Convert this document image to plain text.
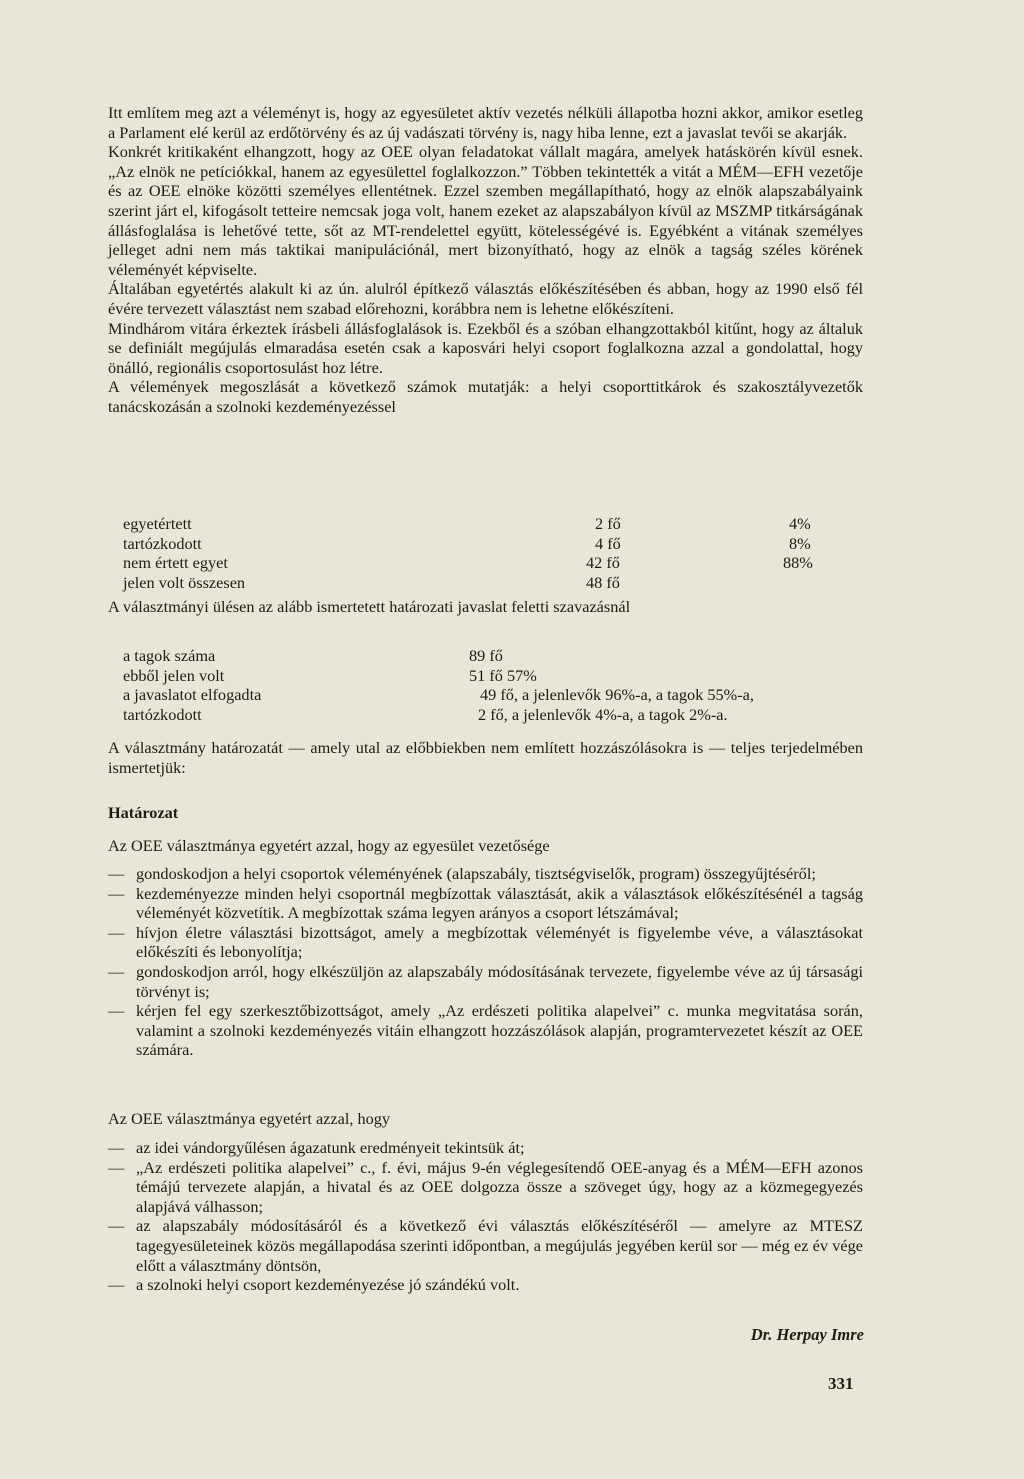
Itt említem meg azt a véleményt is, hogy az egyesületet aktív vezetés nélküli állapotba hozni akkor, amikor esetleg a Parlament elé kerül az erdőtörvény és az új vadászati törvény is, nagy hiba lenne, ezt a javaslat tevői se akarják.

Konkrét kritikaként elhangzott, hogy az OEE olyan feladatokat vállalt magára, amelyek hatáskörén kívül esnek. „Az elnök ne petíciókkal, hanem az egyesülettel foglalkozzon.” Többen tekintették a vitát a MÉM—EFH vezetője és az OEE elnöke közötti személyes ellentétnek. Ezzel szemben megállapítható, hogy az elnök alapszabályaink szerint járt el, kifogásolt tetteire nemcsak joga volt, hanem ezeket az alapszabályon kívül az MSZMP titkárságának állásfoglalása is lehetővé tette, sőt az MT-rendelettel együtt, kötelességévé is. Egyébként a vitának személyes jelleget adni nem más taktikai manipulációnál, mert bizonyítható, hogy az elnök a tagság széles körének véleményét képviselte.

Általában egyetértés alakult ki az ún. alulról építkező választás előkészítésében és abban, hogy az 1990 első fél évére tervezett választást nem szabad előrehozni, korábbra nem is lehetne előkészíteni.

Mindhárom vitára érkeztek írásbeli állásfoglalások is. Ezekből és a szóban elhangzottakból kitűnt, hogy az általuk se definiált megújulás elmaradása esetén csak a kaposvári helyi csoport foglalkozna azzal a gondolattal, hogy önálló, regionális csoportosulást hoz létre.

A vélemények megoszlását a következő számok mutatják: a helyi csoporttitkárok és szakosztályvezetők tanácskozásán a szolnoki kezdeményezéssel

egyetértett	2 fő	4%
tartózkodott	4 fő	8%
nem értett egyet	42 fő	88%
jelen volt összesen	48 fő
A választmányi ülésen az alább ismertetett határozati javaslat feletti szavazásnál
a tagok száma	89 fő
ebből jelen volt	51 fő 57%
a javaslatot elfogadta	49 fő, a jelenlevők 96%-a, a tagok 55%-a,
tartózkodott	2 fő, a jelenlevők 4%-a, a tagok 2%-a.
A választmány határozatát — amely utal az előbbiekben nem említett hozzászólásokra is — teljes terjedelmében ismertetjük:
Határozat
Az OEE választmánya egyetért azzal, hogy az egyesület vezetősége
— gondoskodjon a helyi csoportok véleményének (alapszabály, tisztségviselők, program) összegyűjtéséről;
— kezdeményezze minden helyi csoportnál megbízottak választását, akik a választások előkészítésénél a tagság véleményét közvetítik. A megbízottak száma legyen arányos a csoport létszámával;
— hívjon életre választási bizottságot, amely a megbízottak véleményét is figyelembe véve, a választásokat előkészíti és lebonyolítja;
— gondoskodjon arról, hogy elkészüljön az alapszabály módosításának tervezete, figyelembe véve az új társasági törvényt is;
— kérjen fel egy szerkesztőbizottságot, amely „Az erdészeti politika alapelvei” c. munka megvitatása során, valamint a szolnoki kezdeményezés vitáin elhangzott hozzászólások alapján, programtervezetet készít az OEE számára.
Az OEE választmánya egyetért azzal, hogy
— az idei vándorgyűlésen ágazatunk eredményeit tekintsük át;
— „Az erdészeti politika alapelvei” c., f. évi, május 9-én véglegesítendő OEE-anyag és a MÉM—EFH azonos témájú tervezete alapján, a hivatal és az OEE dolgozza össze a szöveget úgy, hogy az a közmegegyezés alapjává válhasson;
— az alapszabály módosításáról és a következő évi választás előkészítéséről — amelyre az MTESZ tagegyesületeinek közös megállapodása szerinti időpontban, a megújulás jegyében kerül sor — még ez év vége előtt a választmány döntsön,
— a szolnoki helyi csoport kezdeményezése jó szándékú volt.
Dr. Herpay Imre
331
